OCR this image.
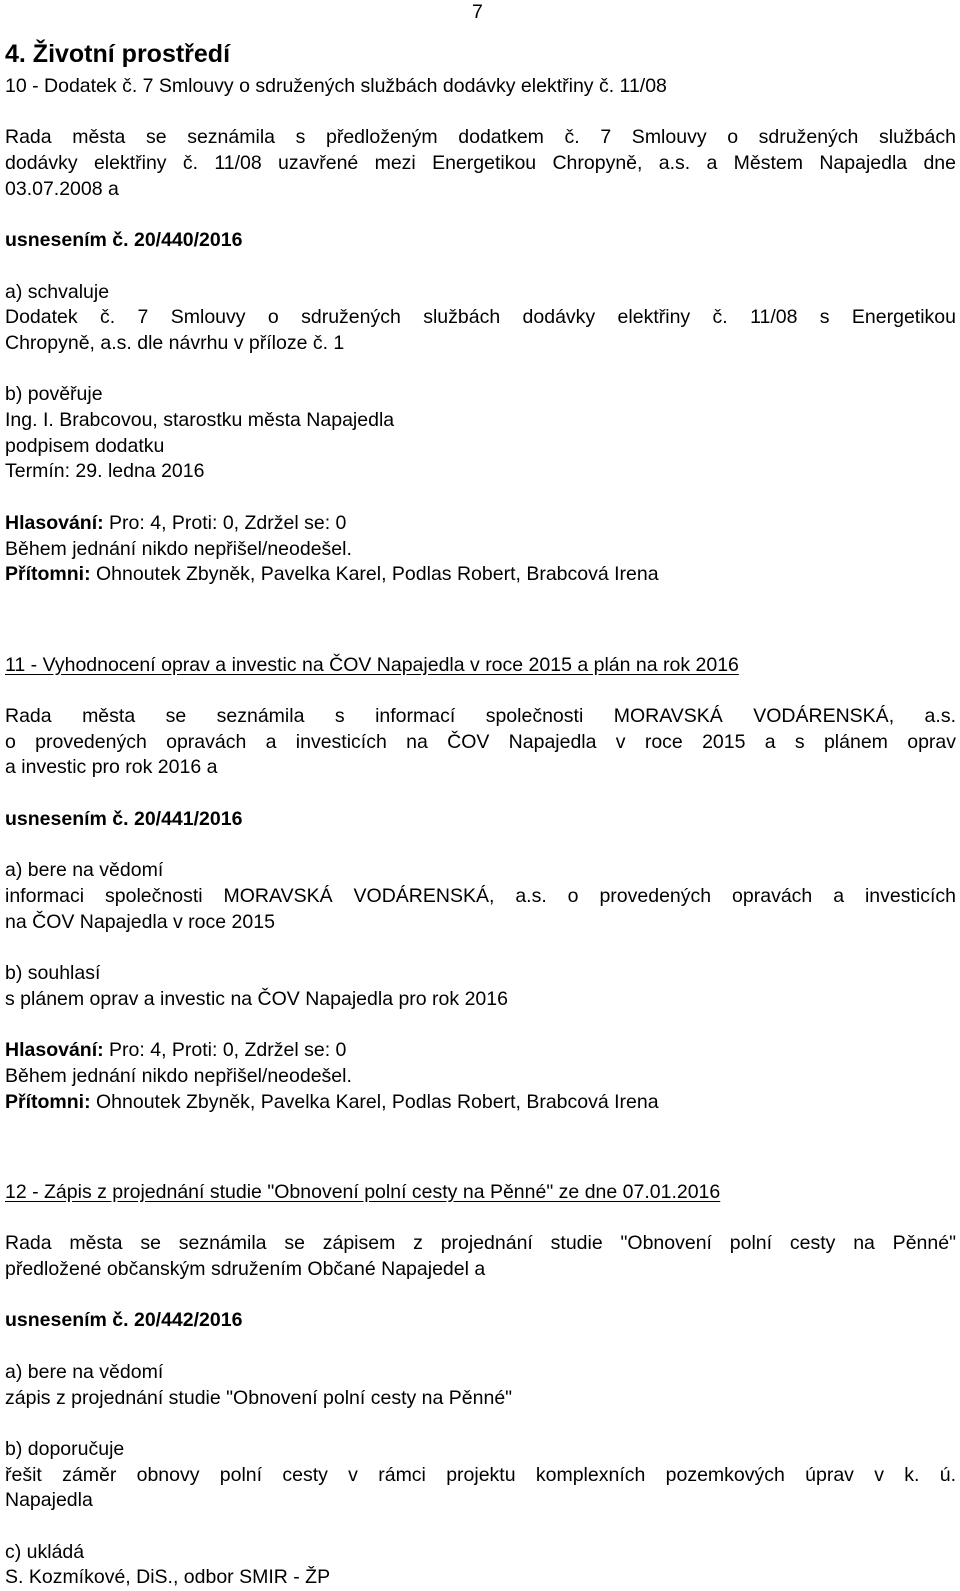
7
4. Životní prostředí
10 - Dodatek č. 7 Smlouvy o sdružených službách dodávky elektřiny č. 11/08
Rada města se seznámila s předloženým dodatkem č. 7 Smlouvy o sdružených službách
dodávky elektřiny č. 11/08 uzavřené mezi Energetikou Chropyně, a.s. a Městem Napajedla dne
03.07.2008 a
usnesením č. 20/440/2016
a) schvaluje
Dodatek č. 7 Smlouvy o sdružených službách dodávky elektřiny č. 11/08 s Energetikou
Chropyně, a.s. dle návrhu v příloze č. 1
b) pověřuje
Ing. I. Brabcovou, starostku města Napajedla
podpisem dodatku
Termín: 29. ledna 2016
Hlasování: Pro: 4, Proti: 0, Zdržel se: 0
Během jednání nikdo nepřišel/neodešel.
Přítomni: Ohnoutek Zbyněk, Pavelka Karel, Podlas Robert, Brabcová Irena
11 - Vyhodnocení oprav a investic na ČOV Napajedla v roce 2015 a plán na rok 2016
Rada města se seznámila s informací společnosti MORAVSKÁ VODÁRENSKÁ, a.s.
o provedených opravách a investicích na ČOV Napajedla v roce 2015 a s plánem oprav
a investic pro rok 2016 a
usnesením č. 20/441/2016
a) bere na vědomí
informaci společnosti MORAVSKÁ VODÁRENSKÁ, a.s. o provedených opravách a investicích
na ČOV Napajedla v roce 2015
b) souhlasí
s plánem oprav a investic na ČOV Napajedla pro rok 2016
Hlasování: Pro: 4, Proti: 0, Zdržel se: 0
Během jednání nikdo nepřišel/neodešel.
Přítomni: Ohnoutek Zbyněk, Pavelka Karel, Podlas Robert, Brabcová Irena
12 - Zápis z projednání studie "Obnovení polní cesty na Pěnné" ze dne 07.01.2016
Rada města se seznámila se zápisem z projednání studie "Obnovení polní cesty na Pěnné"
předložené občanským sdružením Občané Napajedel a
usnesením č. 20/442/2016
a) bere na vědomí
zápis z projednání studie "Obnovení polní cesty na Pěnné"
b) doporučuje
řešit záměr obnovy polní cesty v rámci projektu komplexních pozemkových úprav v k. ú.
Napajedla
c) ukládá
S. Kozmíkové, DiS., odbor SMIR - ŽP
